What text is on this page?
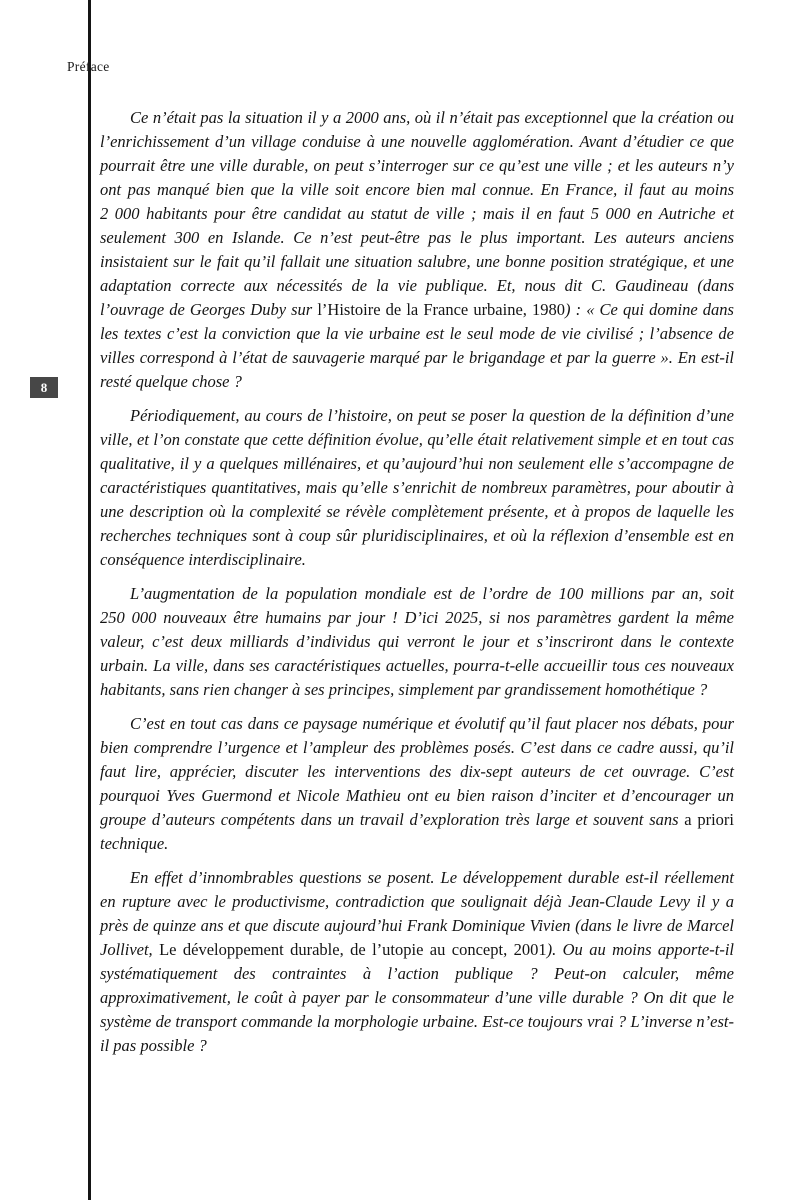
Préface
8

Ce n’était pas la situation il y a 2000 ans, où il n’était pas exceptionnel que la création ou l’enrichissement d’un village conduise à une nouvelle agglomération. Avant d’étudier ce que pourrait être une ville durable, on peut s’interroger sur ce qu’est une ville ; et les auteurs n’y ont pas manqué bien que la ville soit encore bien mal connue. En France, il faut au moins 2 000 habitants pour être candidat au statut de ville ; mais il en faut 5 000 en Autriche et seulement 300 en Islande. Ce n’est peut-être pas le plus important. Les auteurs anciens insistaient sur le fait qu’il fallait une situation salubre, une bonne position stratégique, et une adaptation correcte aux nécessités de la vie publique. Et, nous dit C. Gaudineau (dans l’ouvrage de Georges Duby sur l’Histoire de la France urbaine, 1980) : « Ce qui domine dans les textes c’est la conviction que la vie urbaine est le seul mode de vie civilisé ; l’absence de villes correspond à l’état de sauvagerie marqué par le brigandage et par la guerre ». En est-il resté quelque chose ?

Périodiquement, au cours de l’histoire, on peut se poser la question de la définition d’une ville, et l’on constate que cette définition évolue, qu’elle était relativement simple et en tout cas qualitative, il y a quelques millénaires, et qu’aujourd’hui non seulement elle s’accompagne de caractéristiques quantitatives, mais qu’elle s’enrichit de nombreux paramètres, pour aboutir à une description où la complexité se révèle complètement présente, et à propos de laquelle les recherches techniques sont à coup sûr pluridisciplinaires, et où la réflexion d’ensemble est en conséquence interdisciplinaire.

L’augmentation de la population mondiale est de l’ordre de 100 millions par an, soit 250 000 nouveaux être humains par jour ! D’ici 2025, si nos paramètres gardent la même valeur, c’est deux milliards d’individus qui verront le jour et s’inscriront dans le contexte urbain. La ville, dans ses caractéristiques actuelles, pourra-t-elle accueillir tous ces nouveaux habitants, sans rien changer à ses principes, simplement par grandissement homothétique ?

C’est en tout cas dans ce paysage numérique et évolutif qu’il faut placer nos débats, pour bien comprendre l’urgence et l’ampleur des problèmes posés. C’est dans ce cadre aussi, qu’il faut lire, apprécier, discuter les interventions des dix-sept auteurs de cet ouvrage. C’est pourquoi Yves Guermond et Nicole Mathieu ont eu bien raison d’inciter et d’encourager un groupe d’auteurs compétents dans un travail d’exploration très large et souvent sans a priori technique.

En effet d’innombrables questions se posent. Le développement durable est-il réellement en rupture avec le productivisme, contradiction que soulignait déjà Jean-Claude Levy il y a près de quinze ans et que discute aujourd’hui Frank Dominique Vivien (dans le livre de Marcel Jollivet, Le développement durable, de l’utopie au concept, 2001). Ou au moins apporte-t-il systématiquement des contraintes à l’action publique ? Peut-on calculer, même approximativement, le coût à payer par le consommateur d’une ville durable ? On dit que le système de transport commande la morphologie urbaine. Est-ce toujours vrai ? L’inverse n’est-il pas possible ?
